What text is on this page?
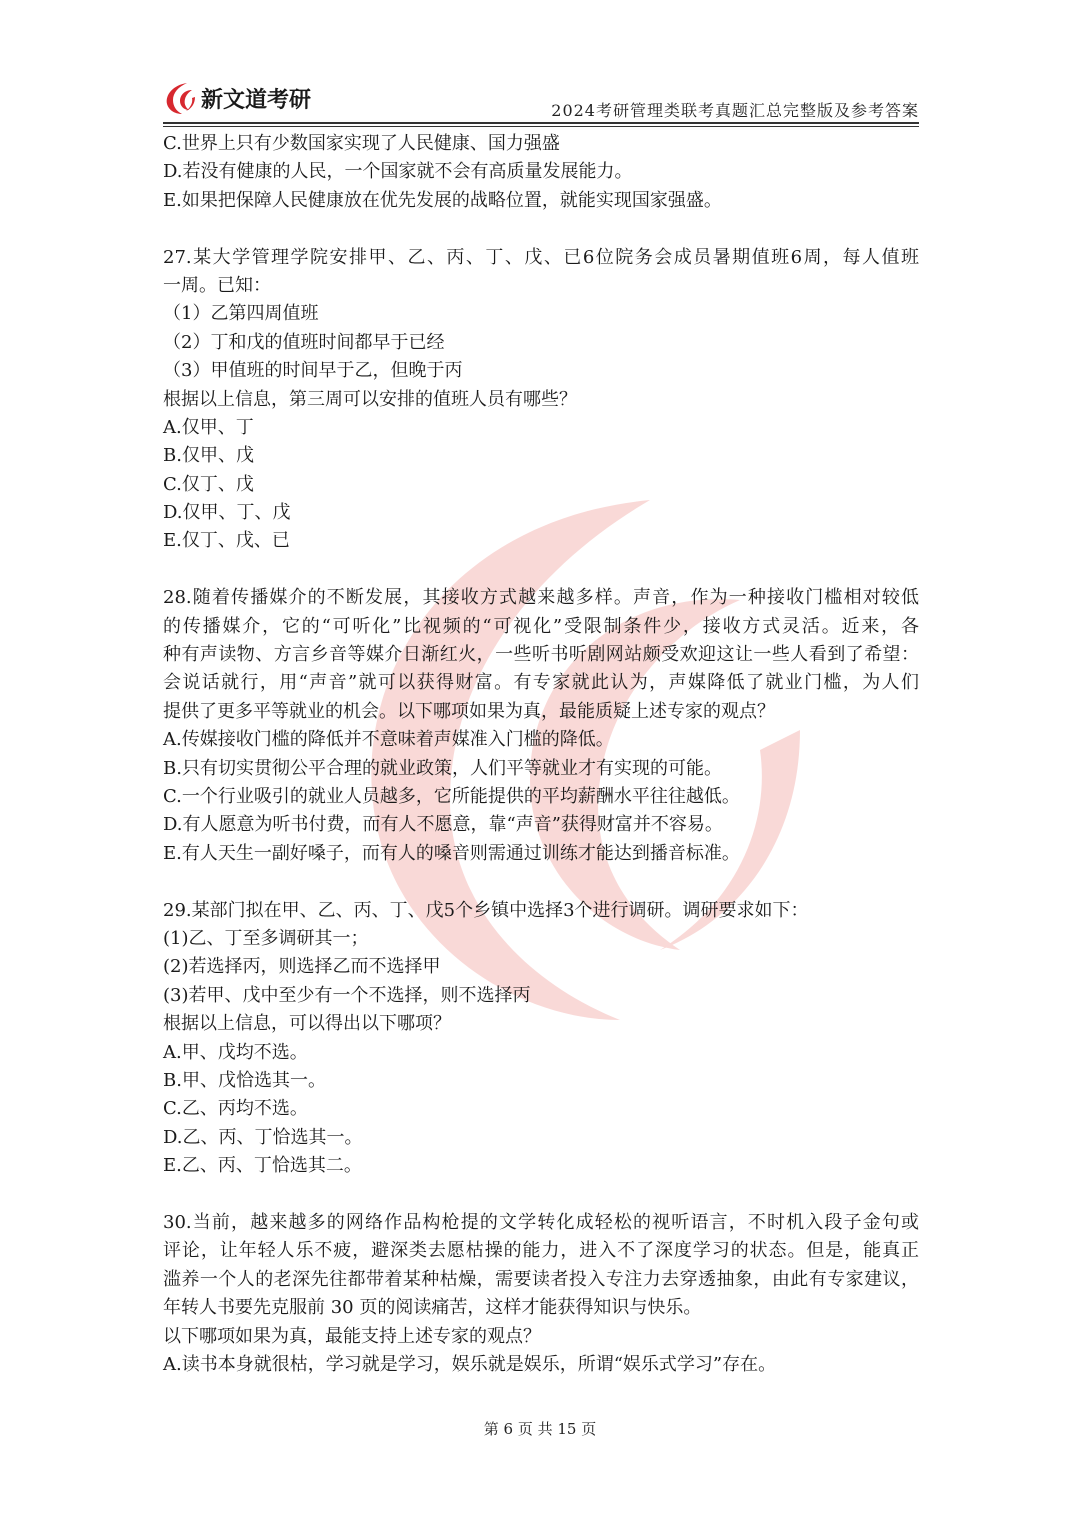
新文道考研	2024考研管理类联考真题汇总完整版及参考答案
C.世界上只有少数国家实现了人民健康、国力强盛
D.若没有健康的人民，一个国家就不会有高质量发展能力。
E.如果把保障人民健康放在优先发展的战略位置，就能实现国家强盛。
27.某大学管理学院安排甲、乙、丙、丁、戊、已6位院务会成员暑期值班6周，每人值班
一周。已知：
（1）乙第四周值班
（2）丁和戊的值班时间都早于已经
（3）甲值班的时间早于乙，但晚于丙
根据以上信息，第三周可以安排的值班人员有哪些？
A.仅甲、丁
B.仅甲、戊
C.仅丁、戊
D.仅甲、丁、戊
E.仅丁、戊、已
28.随着传播媒介的不断发展，其接收方式越来越多样。声音，作为一种接收门槛相对较低
的传播媒介，它的“可听化”比视频的“可视化”受限制条件少，接收方式灵活。近来，各
种有声读物、方言乡音等媒介日渐红火，一些听书听剧网站颇受欢迎这让一些人看到了希望：
会说话就行，用“声音”就可以获得财富。有专家就此认为，声媒降低了就业门槛，为人们
提供了更多平等就业的机会。以下哪项如果为真，最能质疑上述专家的观点？
A.传媒接收门槛的降低并不意味着声媒准入门槛的降低。
B.只有切实贯彻公平合理的就业政策，人们平等就业才有实现的可能。
C.一个行业吸引的就业人员越多，它所能提供的平均薪酬水平往往越低。
D.有人愿意为听书付费，而有人不愿意，靠“声音”获得财富并不容易。
E.有人天生一副好嗓子，而有人的嗓音则需通过训练才能达到播音标准。
29.某部门拟在甲、乙、丙、丁、戊5个乡镇中选择3个进行调研。调研要求如下：
(1)乙、丁至多调研其一；
(2)若选择丙，则选择乙而不选择甲
(3)若甲、戊中至少有一个不选择，则不选择丙
根据以上信息，可以得出以下哪项？
A.甲、戊均不选。
B.甲、戊恰选其一。
C.乙、丙均不选。
D.乙、丙、丁恰选其一。
E.乙、丙、丁恰选其二。
30.当前，越来越多的网络作品构枪提的文学转化成轻松的视听语言，不时机入段子金句或
评论，让年轻人乐不疲，避深类去愿枯操的能力，进入不了深度学习的状态。但是，能真正
滥养一个人的老深先往都带着某种枯燥，需要读者投入专注力去穿透抽象，由此有专家建议，
年转人书要先克服前 30 页的阅读痛苦，这样才能获得知识与快乐。
以下哪项如果为真，最能支持上述专家的观点？
A.读书本身就很枯，学习就是学习，娱乐就是娱乐，所谓“娱乐式学习”存在。
第 6 页 共 15 页
